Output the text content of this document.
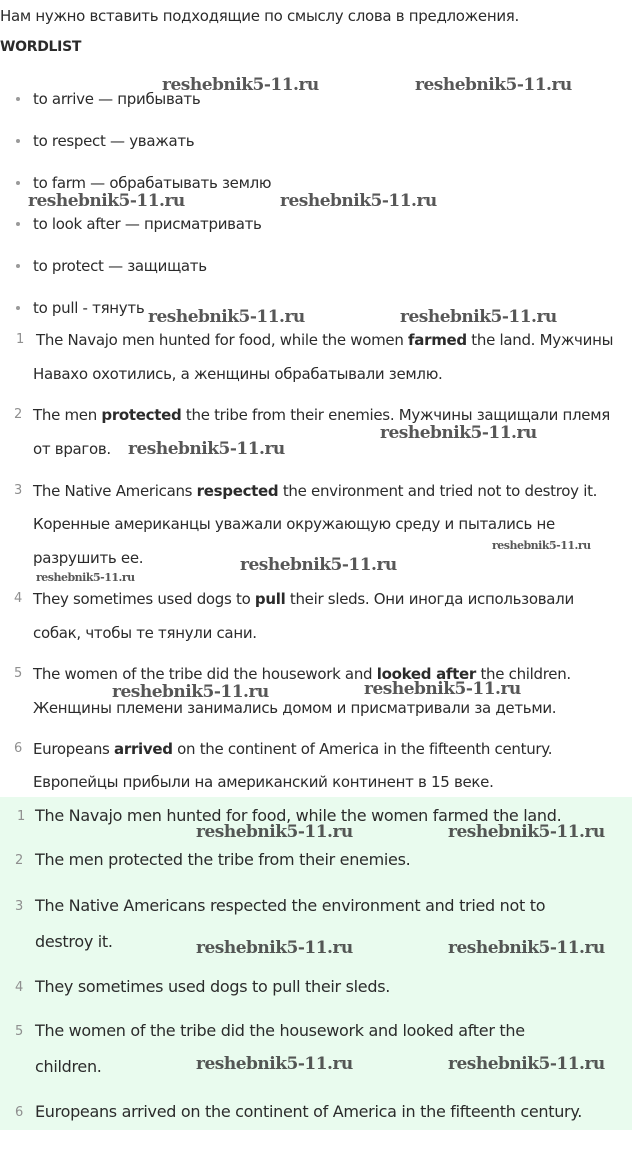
Нам нужно вставить подходящие по смыслу слова в предложения.
WORDLIST
to arrive — прибывать
to respect — уважать
to farm — обрабатывать землю
to look after — присматривать
to protect — защищать
to pull - тянуть
1 The Navajo men hunted for food, while the women farmed the land. Мужчины
Навахо охотились, а женщины обрабатывали землю.
2 The men protected the tribe from their enemies. Мужчины защищали племя
от врагов.
3 The Native Americans respected the environment and tried not to destroy it.
Коренные американцы уважали окружающую среду и пытались не
разрушить ее.
4 They sometimes used dogs to pull their sleds. Они иногда использовали
собак, чтобы те тянули сани.
5 The women of the tribe did the housework and looked after the children.
Женщины племени занимались домом и присматривали за детьми.
6 Europeans arrived on the continent of America in the fifteenth century.
Европейцы прибыли на американский континент в 15 веке.
1 The Navajo men hunted for food, while the women farmed the land.
2 The men protected the tribe from their enemies.
3 The Native Americans respected the environment and tried not to
destroy it.
4 They sometimes used dogs to pull their sleds.
5 The women of the tribe did the housework and looked after the
children.
6 Europeans arrived on the continent of America in the fifteenth century.
reshebnik5-11.ru	reshebnik5-11.ru
reshebnik5-11.ru	reshebnik5-11.ru
reshebnik5-11.ru	reshebnik5-11.ru
reshebnik5-11.ru
reshebnik5-11.ru
reshebnik5-11.ru
reshebnik5-11.ru
reshebnik5-11.ru
reshebnik5-11.ru	reshebnik5-11.ru
reshebnik5-11.ru	reshebnik5-11.ru
reshebnik5-11.ru	reshebnik5-11.ru
reshebnik5-11.ru	reshebnik5-11.ru
